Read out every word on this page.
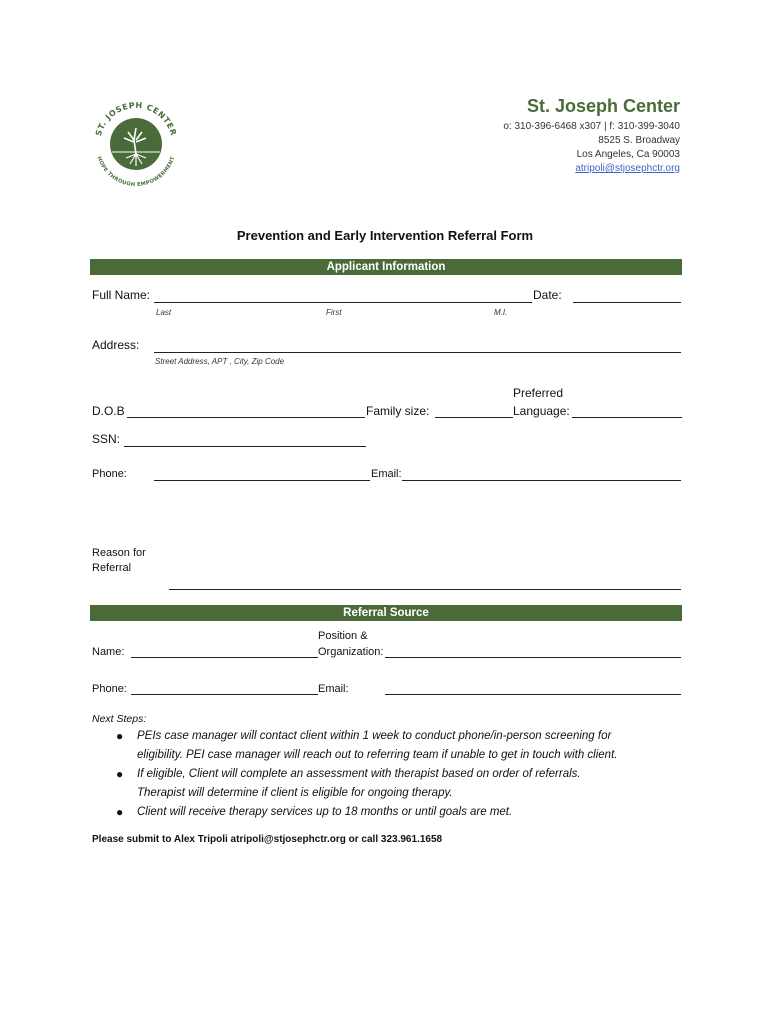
ST. JOSEPH CENTER
HOPE THROUGH EMPOWERMENT
St. Joseph Center
o: 310-396-6468 x307 | f: 310-399-3040
8525 S. Broadway
Los Angeles, Ca 90003
atripoli@stjosephctr.org
Prevention and Early Intervention Referral Form
Applicant Information
Full Name:	Date:
Last	First	M.I.
Address:
Street Address, APT , City, Zip Code
Preferred
D.O.B	Family size:	Language:
SSN:
Phone:	Email:
Reason for
Referral
Referral Source
Position &
Name:	Organization:
Phone:	Email:
Next Steps:
● PEIs case manager will contact client within 1 week to conduct phone/in-person screening for
eligibility. PEI case manager will reach out to referring team if unable to get in touch with client.
● If eligible, Client will complete an assessment with therapist based on order of referrals.
Therapist will determine if client is eligible for ongoing therapy.
● Client will receive therapy services up to 18 months or until goals are met.
Please submit to Alex Tripoli atripoli@stjosephctr.org or call 323.961.1658
